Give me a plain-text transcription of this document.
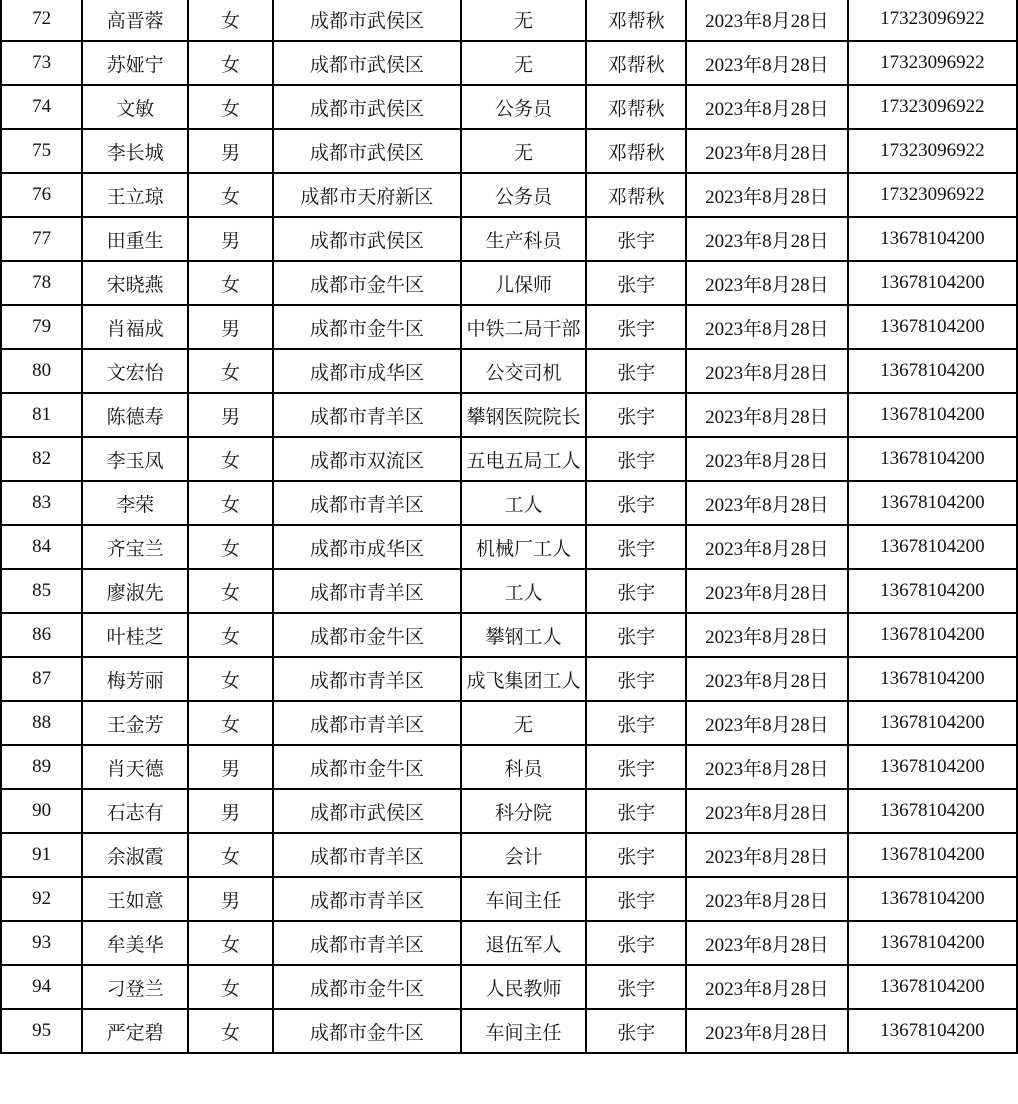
72	高晋蓉	女	成都市武侯区	无	邓帮秋	2023年8月28日	17323096922
73	苏娅宁	女	成都市武侯区	无	邓帮秋	2023年8月28日	17323096922
74	文敏	女	成都市武侯区	公务员	邓帮秋	2023年8月28日	17323096922
75	李长城	男	成都市武侯区	无	邓帮秋	2023年8月28日	17323096922
76	王立琼	女	成都市天府新区	公务员	邓帮秋	2023年8月28日	17323096922
77	田重生	男	成都市武侯区	生产科员	张宇	2023年8月28日	13678104200
78	宋晓燕	女	成都市金牛区	儿保师	张宇	2023年8月28日	13678104200
79	肖福成	男	成都市金牛区	中铁二局干部	张宇	2023年8月28日	13678104200
80	文宏怡	女	成都市成华区	公交司机	张宇	2023年8月28日	13678104200
81	陈德寿	男	成都市青羊区	攀钢医院院长	张宇	2023年8月28日	13678104200
82	李玉凤	女	成都市双流区	五电五局工人	张宇	2023年8月28日	13678104200
83	李荣	女	成都市青羊区	工人	张宇	2023年8月28日	13678104200
84	齐宝兰	女	成都市成华区	机械厂工人	张宇	2023年8月28日	13678104200
85	廖淑先	女	成都市青羊区	工人	张宇	2023年8月28日	13678104200
86	叶桂芝	女	成都市金牛区	攀钢工人	张宇	2023年8月28日	13678104200
87	梅芳丽	女	成都市青羊区	成飞集团工人	张宇	2023年8月28日	13678104200
88	王金芳	女	成都市青羊区	无	张宇	2023年8月28日	13678104200
89	肖天德	男	成都市金牛区	科员	张宇	2023年8月28日	13678104200
90	石志有	男	成都市武侯区	科分院	张宇	2023年8月28日	13678104200
91	余淑霞	女	成都市青羊区	会计	张宇	2023年8月28日	13678104200
92	王如意	男	成都市青羊区	车间主任	张宇	2023年8月28日	13678104200
93	牟美华	女	成都市青羊区	退伍军人	张宇	2023年8月28日	13678104200
94	刁登兰	女	成都市金牛区	人民教师	张宇	2023年8月28日	13678104200
95	严定碧	女	成都市金牛区	车间主任	张宇	2023年8月28日	13678104200
